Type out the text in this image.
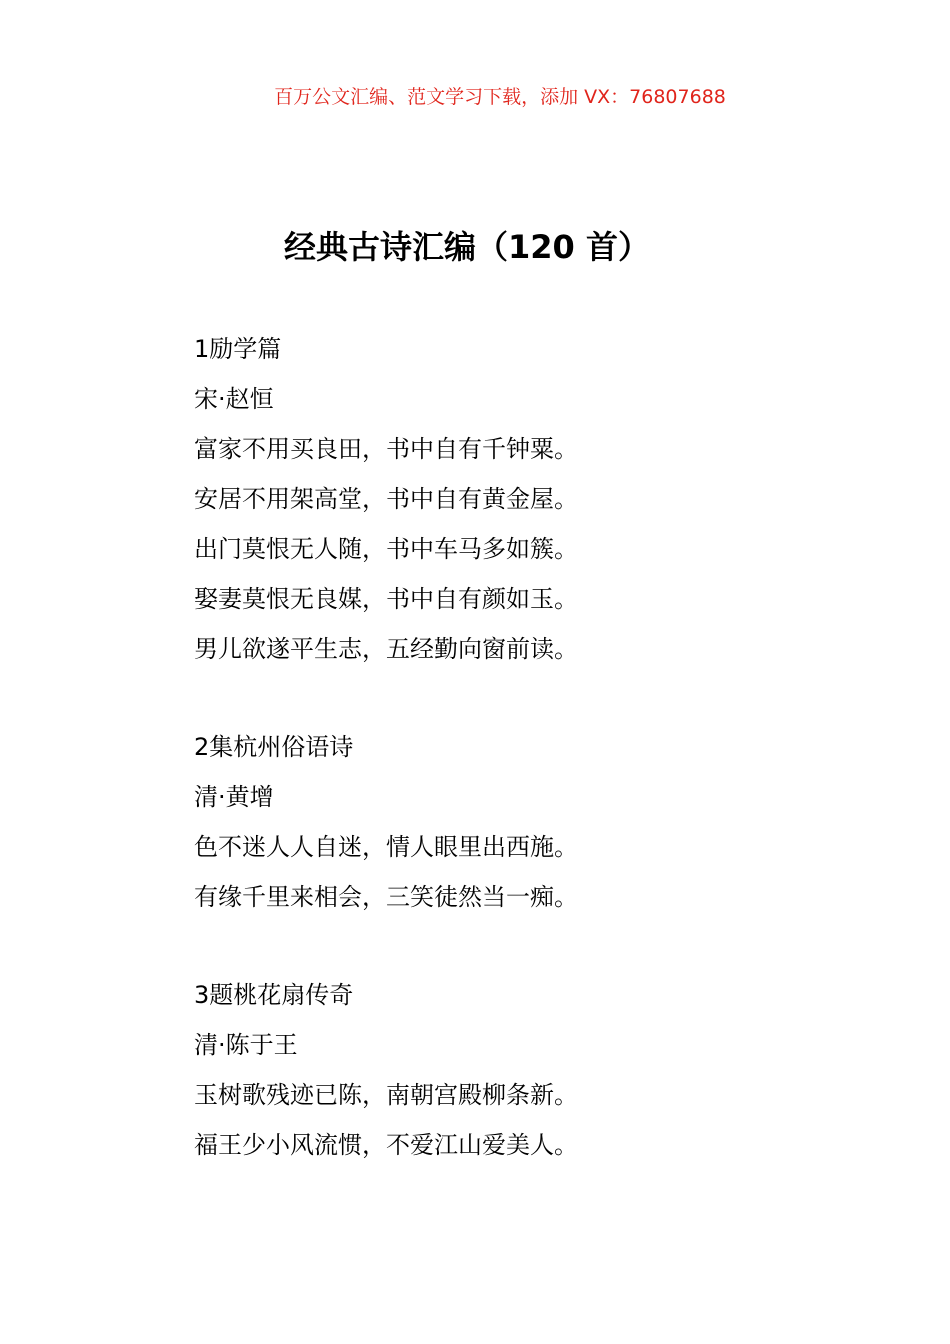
百万公文汇编、范文学习下载，添加 VX：76807688
经典古诗汇编（120 首）
1励学篇
宋·赵恒
富家不用买良田，书中自有千钟粟。
安居不用架高堂，书中自有黄金屋。
出门莫恨无人随，书中车马多如簇。
娶妻莫恨无良媒，书中自有颜如玉。
男儿欲遂平生志，五经勤向窗前读。
2集杭州俗语诗
清·黄增
色不迷人人自迷，情人眼里出西施。
有缘千里来相会，三笑徒然当一痴。
3题桃花扇传奇
清·陈于王
玉树歌残迹已陈，南朝宫殿柳条新。
福王少小风流惯，不爱江山爱美人。
